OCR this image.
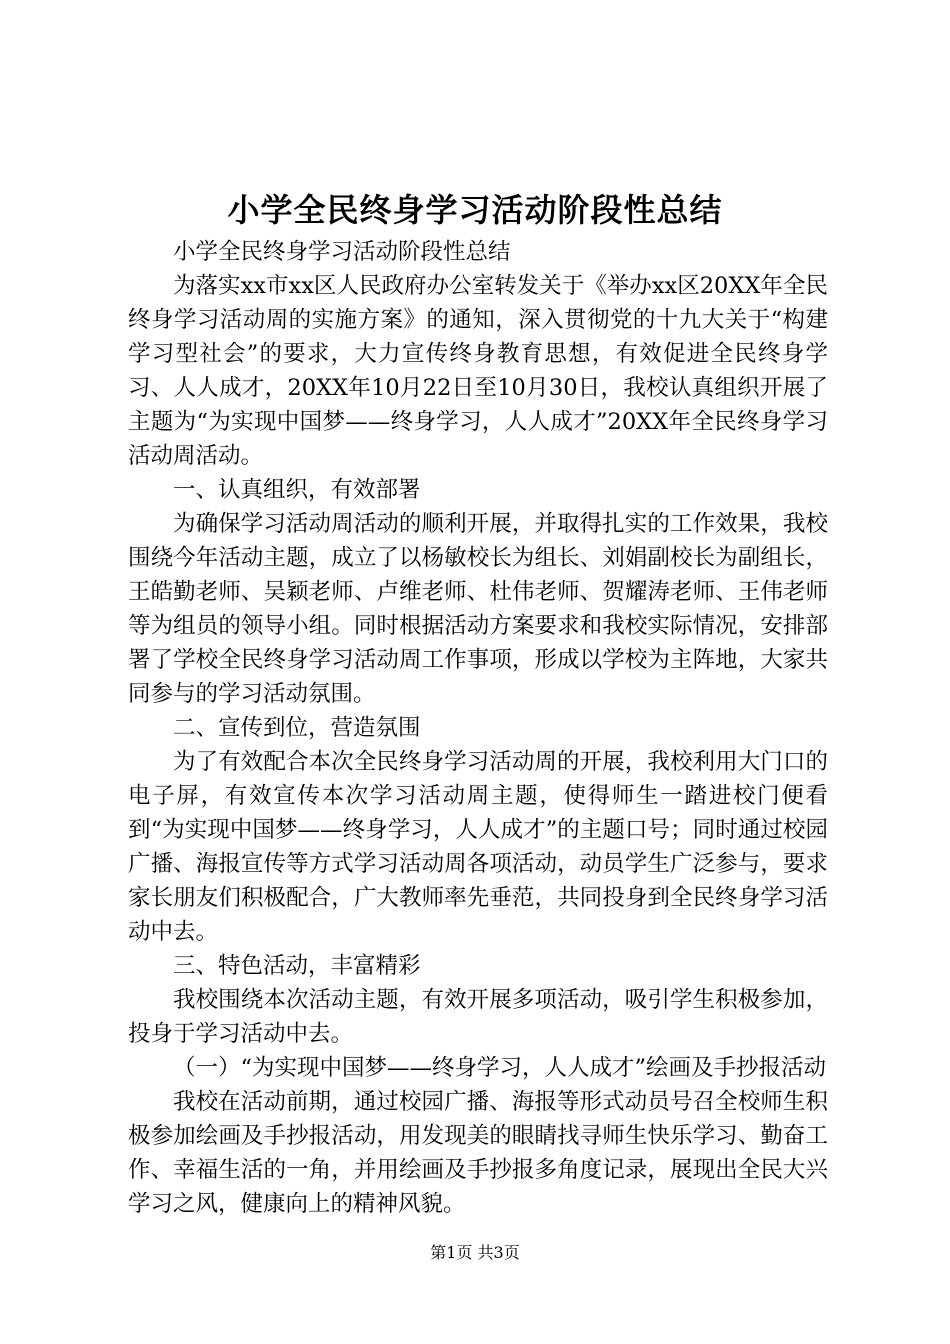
小学全民终身学习活动阶段性总结

小学全民终身学习活动阶段性总结

为落实xx市xx区人民政府办公室转发关于《举办xx区20XX年全民终身学习活动周的实施方案》的通知，深入贯彻党的十九大关于“构建学习型社会”的要求，大力宣传终身教育思想，有效促进全民终身学习、人人成才，20XX年10月22日至10月30日，我校认真组织开展了主题为“为实现中国梦——终身学习，人人成才”20XX年全民终身学习活动周活动。

一、认真组织，有效部署

为确保学习活动周活动的顺利开展，并取得扎实的工作效果，我校围绕今年活动主题，成立了以杨敏校长为组长、刘娟副校长为副组长，王皓勤老师、吴颖老师、卢维老师、杜伟老师、贺耀涛老师、王伟老师等为组员的领导小组。同时根据活动方案要求和我校实际情况，安排部署了学校全民终身学习活动周工作事项，形成以学校为主阵地，大家共同参与的学习活动氛围。

二、宣传到位，营造氛围

为了有效配合本次全民终身学习活动周的开展，我校利用大门口的电子屏，有效宣传本次学习活动周主题，使得师生一踏进校门便看到“为实现中国梦——终身学习，人人成才”的主题口号；同时通过校园广播、海报宣传等方式学习活动周各项活动，动员学生广泛参与，要求家长朋友们积极配合，广大教师率先垂范，共同投身到全民终身学习活动中去。

三、特色活动，丰富精彩

我校围绕本次活动主题，有效开展多项活动，吸引学生积极参加，投身于学习活动中去。

（一）“为实现中国梦——终身学习，人人成才”绘画及手抄报活动

我校在活动前期，通过校园广播、海报等形式动员号召全校师生积极参加绘画及手抄报活动，用发现美的眼睛找寻师生快乐学习、勤奋工作、幸福生活的一角，并用绘画及手抄报多角度记录，展现出全民大兴学习之风，健康向上的精神风貌。

第1页 共3页
